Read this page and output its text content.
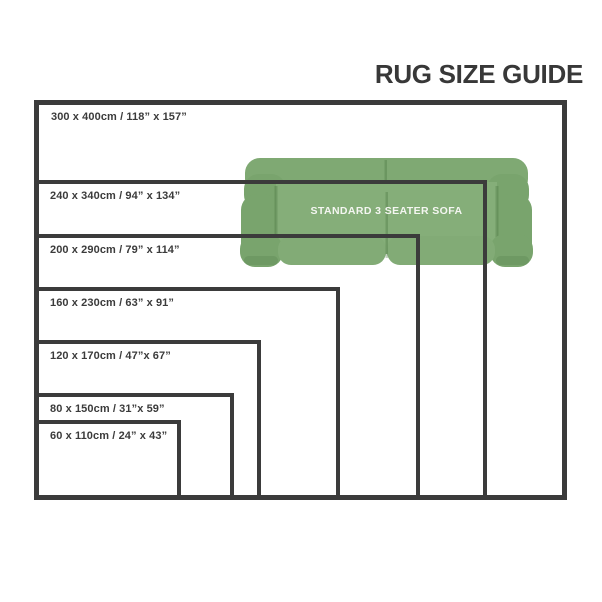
RUG SIZE GUIDE
STANDARD 3 SEATER SOFA
300 x 400cm / 118” x 157”
240 x 340cm / 94” x 134”
200 x 290cm / 79” x 114”
160 x 230cm / 63” x 91”
120 x 170cm / 47”x 67”
80 x 150cm / 31”x 59”
60 x 110cm / 24” x 43”
